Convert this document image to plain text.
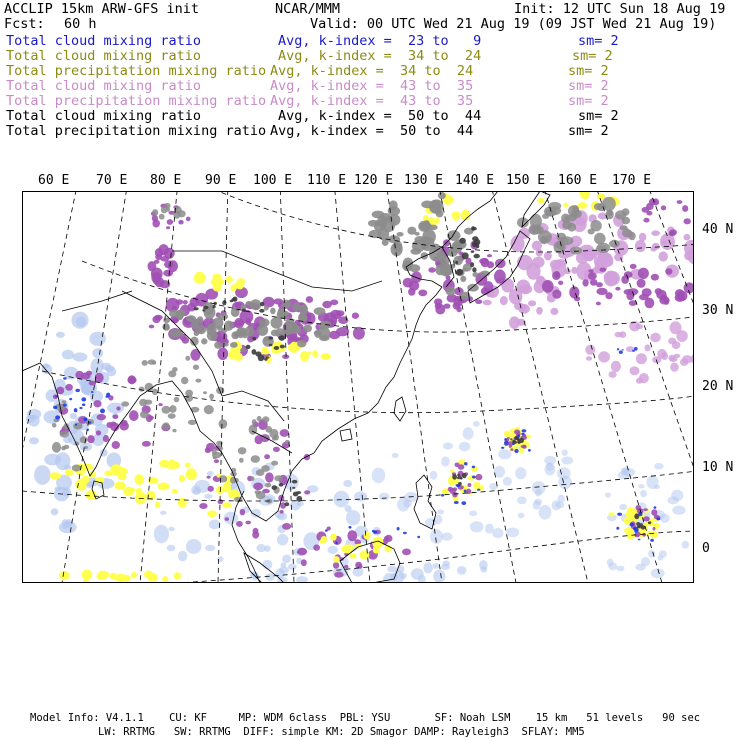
ACCLIP 15km ARW-GFS init	NCAR/MMM	Init: 12 UTC Sun 18 Aug 19
Fcst: 60 h	Valid: 00 UTC Wed 21 Aug 19 (09 JST Wed 21 Aug 19)
Total cloud mixing ratio	Avg, k-index =  23 to   9	sm= 2
Total cloud mixing ratio	Avg, k-index =  34 to  24	sm= 2
Total precipitation mixing ratio Avg, k-index =  34 to  24	sm= 2
Total cloud mixing ratio	Avg, k-index =  43 to  35	sm= 2
Total precipitation mixing ratio Avg, k-index =  43 to  35	sm= 2
Total cloud mixing ratio	Avg, k-index =  50 to  44	sm= 2
Total precipitation mixing ratio Avg, k-index =  50 to  44	sm= 2
60 E 70 E 80 E 90 E 100 E 110 E 120 E 130 E 140 E 150 E 160 E 170 E
40 N
30 N
20 N
10 N
0
Model Info: V4.1.1    CU: KF     MP: WDM 6class  PBL: YSU       SF: Noah LSM    15 km   51 levels   90 sec
LW: RRTMG   SW: RRTMG  DIFF: simple KM: 2D Smagor DAMP: Rayleigh3  SFLAY: MM5
